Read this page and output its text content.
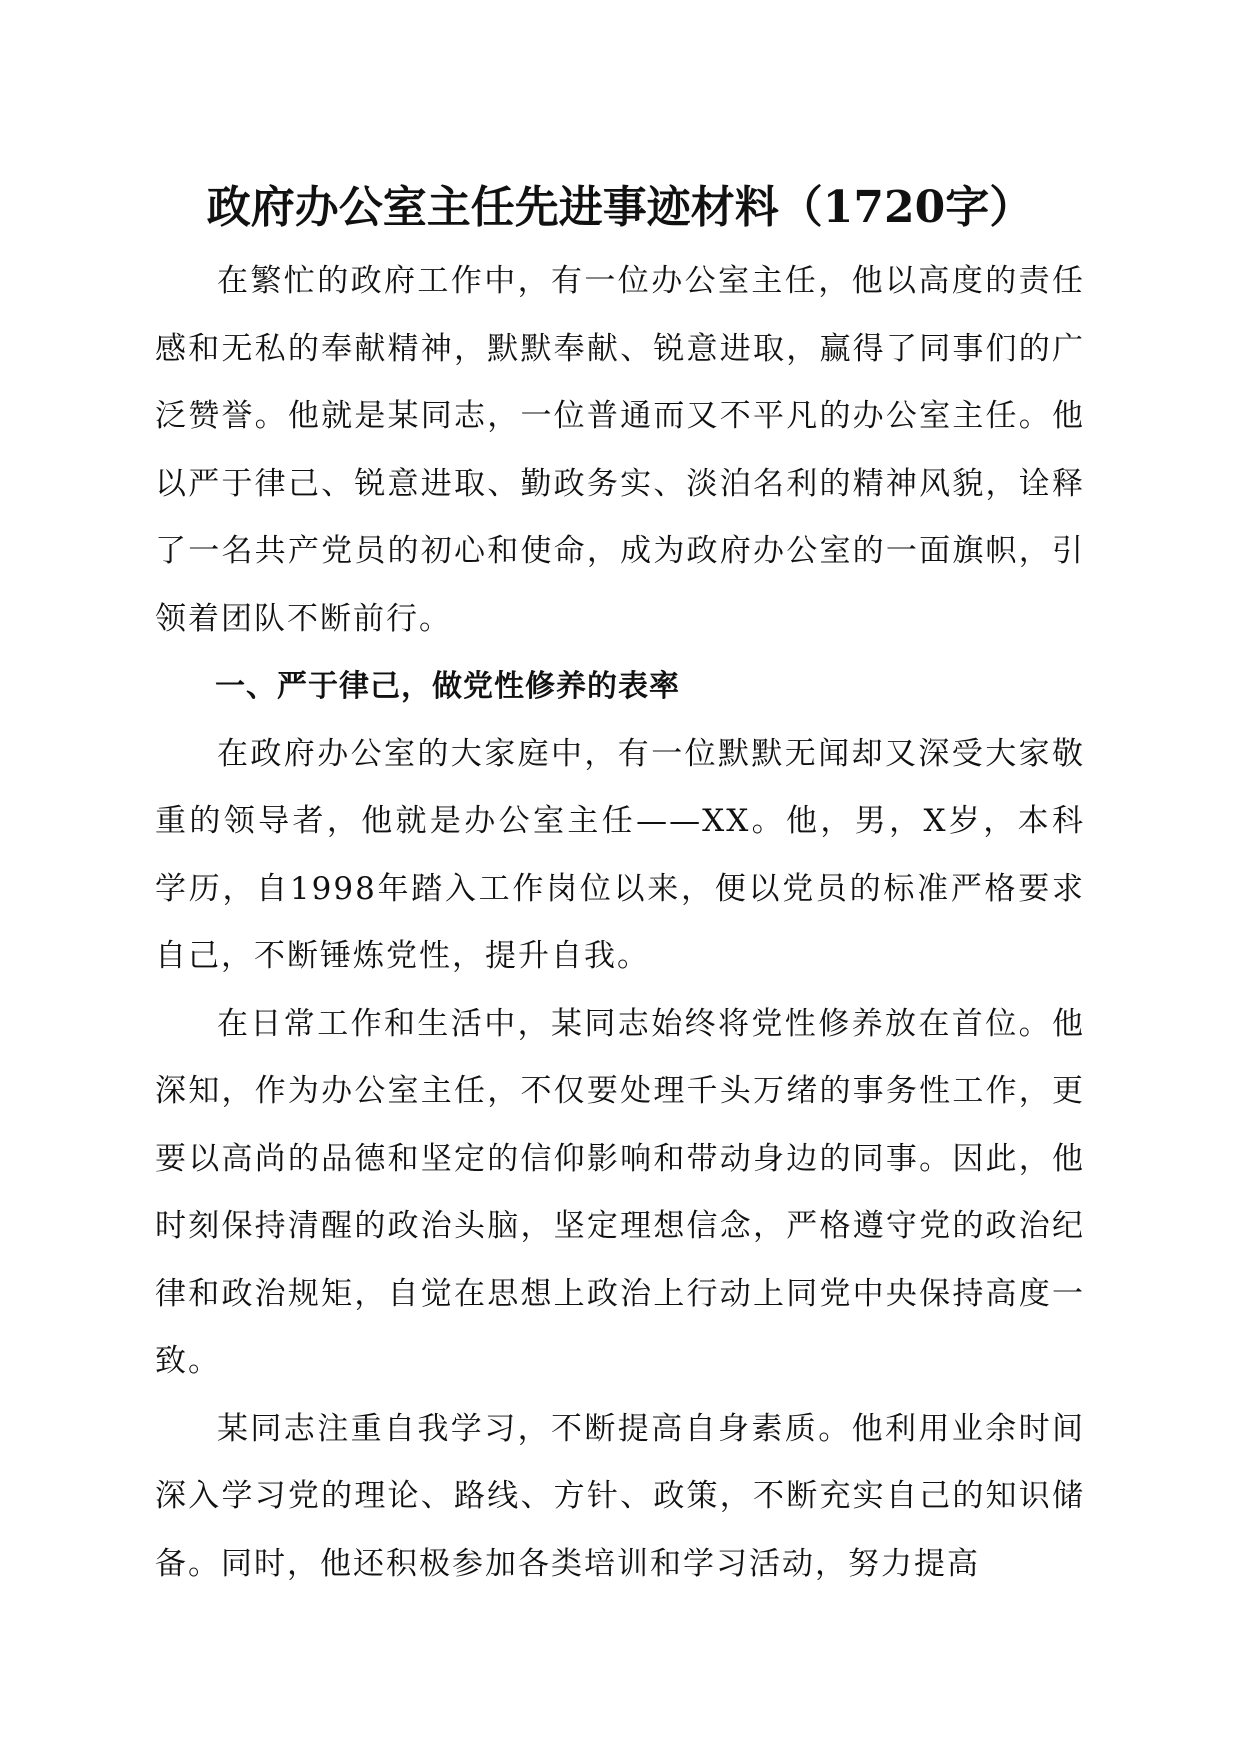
政府办公室主任先进事迹材料（1720字）

在繁忙的政府工作中，有一位办公室主任，他以高度的责任感和无私的奉献精神，默默奉献、锐意进取，赢得了同事们的广泛赞誉。他就是某同志，一位普通而又不平凡的办公室主任。他以严于律己、锐意进取、勤政务实、淡泊名利的精神风貌，诠释了一名共产党员的初心和使命，成为政府办公室的一面旗帜，引领着团队不断前行。

一、严于律己，做党性修养的表率

在政府办公室的大家庭中，有一位默默无闻却又深受大家敬重的领导者，他就是办公室主任——XX。他，男，X岁，本科学历，自1998年踏入工作岗位以来，便以党员的标准严格要求自己，不断锤炼党性，提升自我。

在日常工作和生活中，某同志始终将党性修养放在首位。他深知，作为办公室主任，不仅要处理千头万绪的事务性工作，更要以高尚的品德和坚定的信仰影响和带动身边的同事。因此，他时刻保持清醒的政治头脑，坚定理想信念，严格遵守党的政治纪律和政治规矩，自觉在思想上政治上行动上同党中央保持高度一致。

某同志注重自我学习，不断提高自身素质。他利用业余时间深入学习党的理论、路线、方针、政策，不断充实自己的知识储备。同时，他还积极参加各类培训和学习活动，努力提高
